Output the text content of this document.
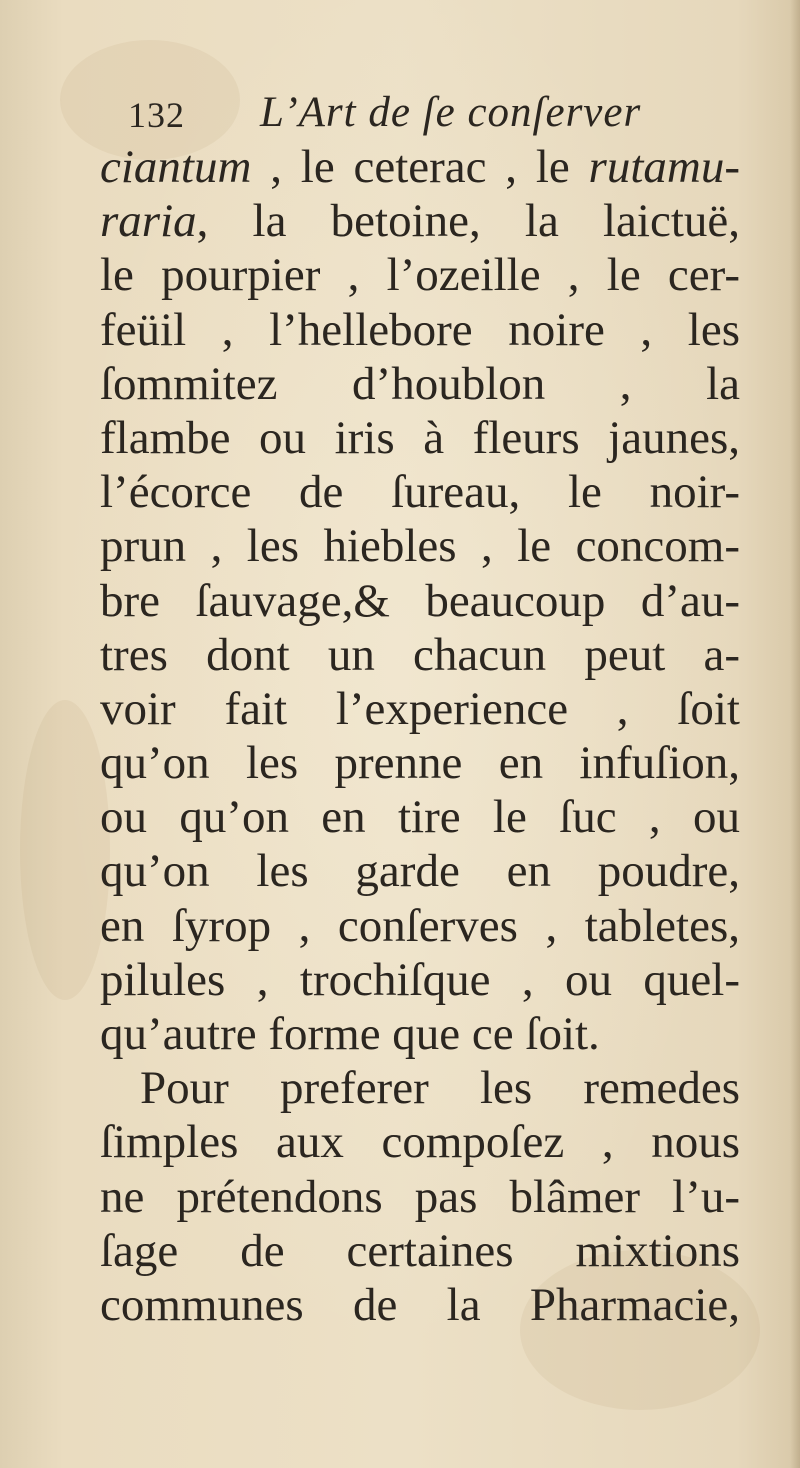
132 L’Art de ſe conſerver
ciantum , le ceterac , le rutamu-
raria, la betoine, la laictuë,
le pourpier , l’ozeille , le cer-
feüil , l’hellebore noire , les
ſommitez d’houblon , la
flambe ou iris à fleurs jaunes,
l’écorce de ſureau, le noir-
prun , les hiebles , le concom-
bre ſauvage,& beaucoup d’au-
tres dont un chacun peut a-
voir fait l’experience , ſoit
qu’on les prenne en infuſion,
ou qu’on en tire le ſuc , ou
qu’on les garde en poudre,
en ſyrop , conſerves , tabletes,
pilules , trochiſque , ou quel-
qu’autre forme que ce ſoit.
Pour preferer les remedes
ſimples aux compoſez , nous
ne prétendons pas blâmer l’u-
ſage de certaines mixtions
communes de la Pharmacie,
